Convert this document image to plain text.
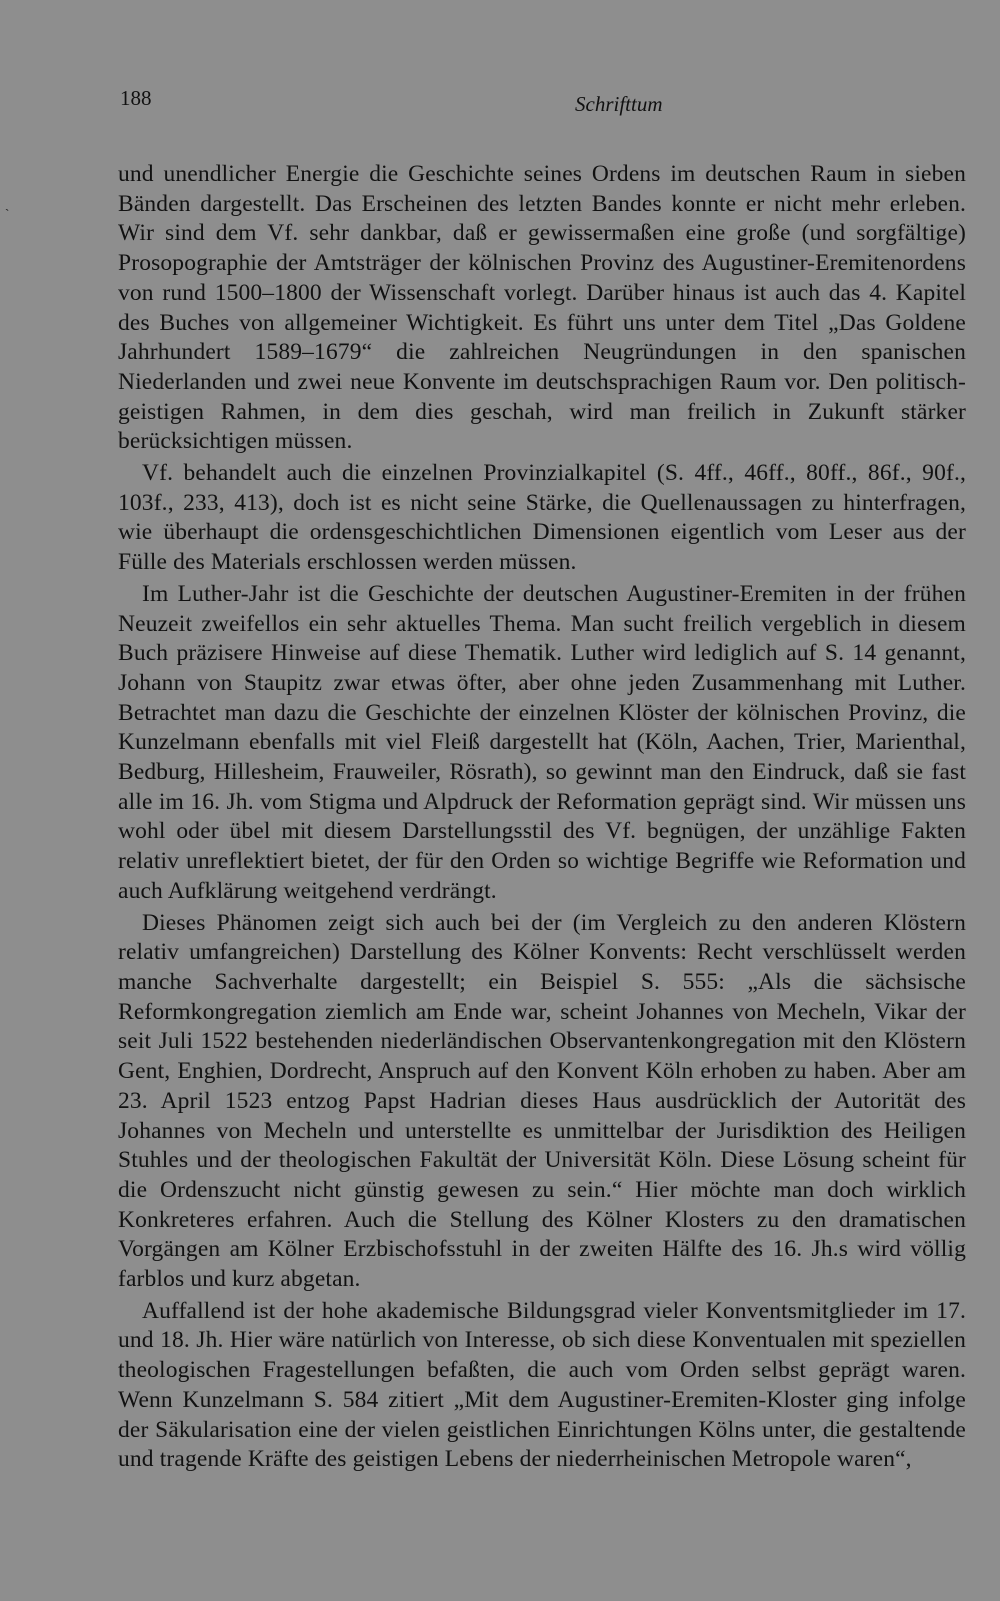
188	Schrifttum
`

und unendlicher Energie die Geschichte seines Ordens im deutschen Raum in sieben Bänden dargestellt. Das Erscheinen des letzten Bandes konnte er nicht mehr erleben. Wir sind dem Vf. sehr dankbar, daß er gewissermaßen eine große (und sorgfältige) Prosopographie der Amtsträger der kölnischen Provinz des Augustiner-Eremitenordens von rund 1500–1800 der Wissenschaft vorlegt. Darüber hinaus ist auch das 4. Kapitel des Buches von allgemeiner Wichtigkeit. Es führt uns unter dem Titel „Das Goldene Jahrhundert 1589–1679“ die zahlreichen Neugründungen in den spanischen Niederlanden und zwei neue Konvente im deutschsprachigen Raum vor. Den politisch-geistigen Rahmen, in dem dies geschah, wird man freilich in Zukunft stärker berücksichtigen müssen.

Vf. behandelt auch die einzelnen Provinzialkapitel (S. 4ff., 46ff., 80ff., 86f., 90f., 103f., 233, 413), doch ist es nicht seine Stärke, die Quellenaussagen zu hinterfragen, wie überhaupt die ordensgeschichtlichen Dimensionen eigentlich vom Leser aus der Fülle des Materials erschlossen werden müssen.

Im Luther-Jahr ist die Geschichte der deutschen Augustiner-Eremiten in der frühen Neuzeit zweifellos ein sehr aktuelles Thema. Man sucht freilich vergeblich in diesem Buch präzisere Hinweise auf diese Thematik. Luther wird lediglich auf S. 14 genannt, Johann von Staupitz zwar etwas öfter, aber ohne jeden Zusammenhang mit Luther. Betrachtet man dazu die Geschichte der einzelnen Klöster der kölnischen Provinz, die Kunzelmann ebenfalls mit viel Fleiß dargestellt hat (Köln, Aachen, Trier, Marienthal, Bedburg, Hillesheim, Frauweiler, Rösrath), so gewinnt man den Eindruck, daß sie fast alle im 16. Jh. vom Stigma und Alpdruck der Reformation geprägt sind. Wir müssen uns wohl oder übel mit diesem Darstellungsstil des Vf. begnügen, der unzählige Fakten relativ unreflektiert bietet, der für den Orden so wichtige Begriffe wie Reformation und auch Aufklärung weitgehend verdrängt.

Dieses Phänomen zeigt sich auch bei der (im Vergleich zu den anderen Klöstern relativ umfangreichen) Darstellung des Kölner Konvents: Recht verschlüsselt werden manche Sachverhalte dargestellt; ein Beispiel S. 555: „Als die sächsische Reformkongregation ziemlich am Ende war, scheint Johannes von Mecheln, Vikar der seit Juli 1522 bestehenden niederländischen Observantenkongregation mit den Klöstern Gent, Enghien, Dordrecht, Anspruch auf den Konvent Köln erhoben zu haben. Aber am 23. April 1523 entzog Papst Hadrian dieses Haus ausdrücklich der Autorität des Johannes von Mecheln und unterstellte es unmittelbar der Jurisdiktion des Heiligen Stuhles und der theologischen Fakultät der Universität Köln. Diese Lösung scheint für die Ordenszucht nicht günstig gewesen zu sein.“ Hier möchte man doch wirklich Konkreteres erfahren. Auch die Stellung des Kölner Klosters zu den dramatischen Vorgängen am Kölner Erzbischofsstuhl in der zweiten Hälfte des 16. Jh.s wird völlig farblos und kurz abgetan.

Auffallend ist der hohe akademische Bildungsgrad vieler Konventsmitglieder im 17. und 18. Jh. Hier wäre natürlich von Interesse, ob sich diese Konventualen mit speziellen theologischen Fragestellungen befaßten, die auch vom Orden selbst geprägt waren. Wenn Kunzelmann S. 584 zitiert „Mit dem Augustiner-Eremiten-Kloster ging infolge der Säkularisation eine der vielen geistlichen Einrichtungen Kölns unter, die gestaltende und tragende Kräfte des geistigen Lebens der niederrheinischen Metropole waren“,
